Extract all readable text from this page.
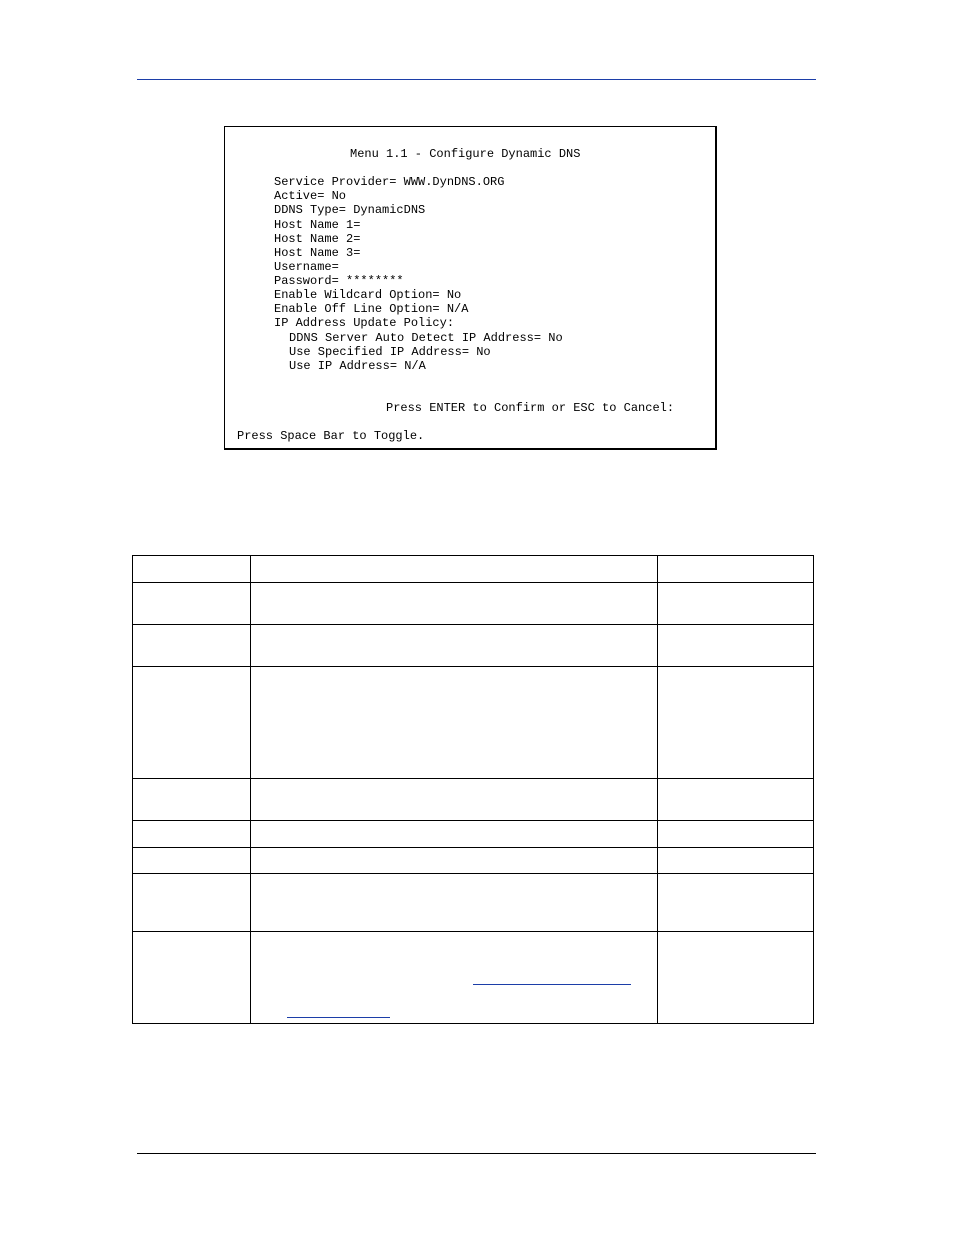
Menu 1.1 - Configure Dynamic DNS
Service Provider= WWW.DynDNS.ORG
Active= No
DDNS Type= DynamicDNS
Host Name 1=
Host Name 2=
Host Name 3=
Username=
Password= ********
Enable Wildcard Option= No
Enable Off Line Option= N/A
IP Address Update Policy:
DDNS Server Auto Detect IP Address= No
Use Specified IP Address= No
Use IP Address= N/A
Press ENTER to Confirm or ESC to Cancel:
Press Space Bar to Toggle.
